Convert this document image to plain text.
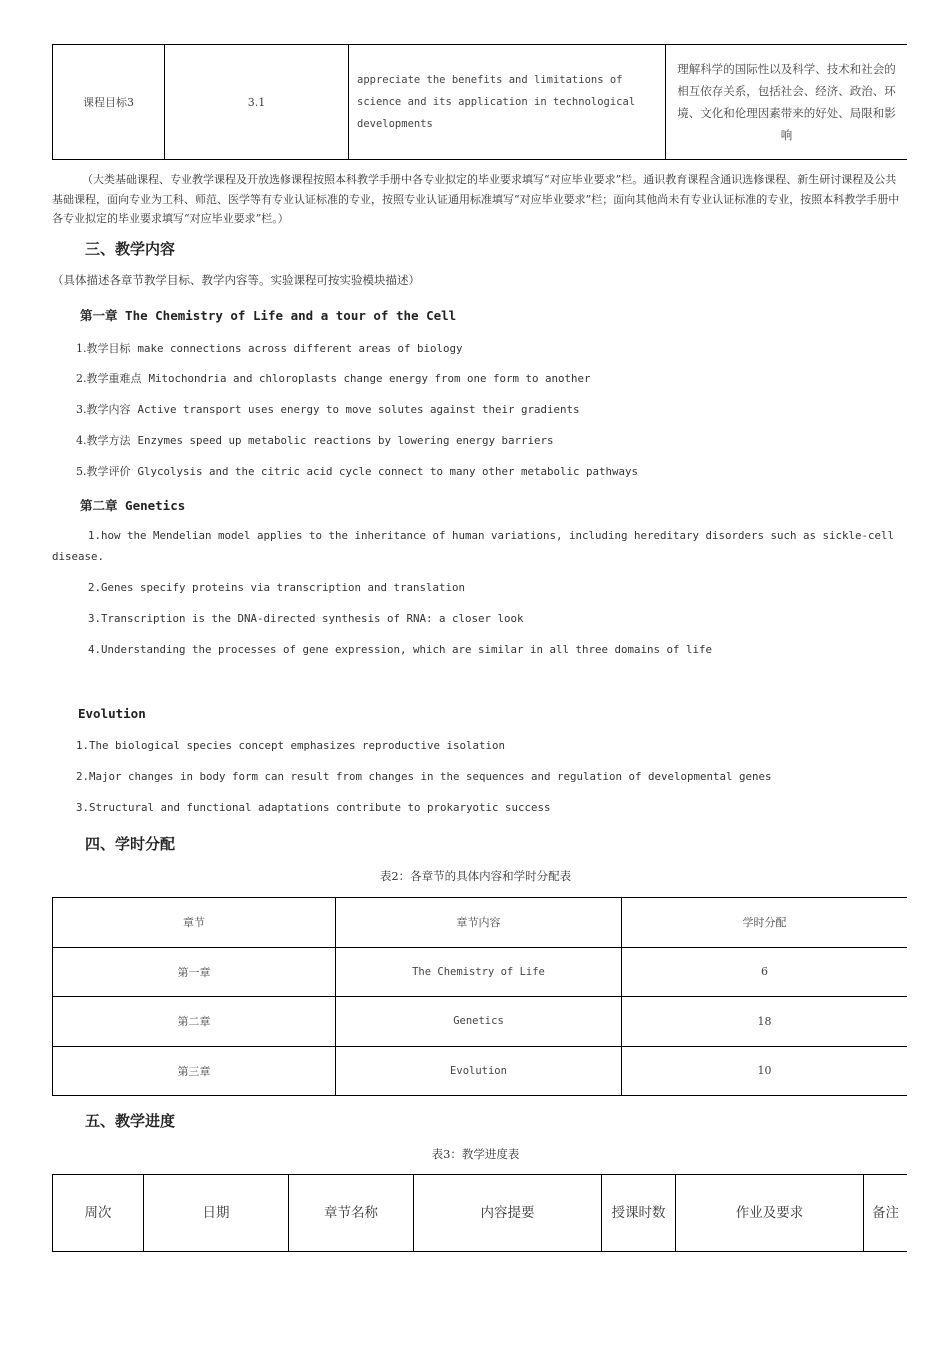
课程目标3	3.1	appreciate the benefits and limitations of science and its application in technological developments	理解科学的国际性以及科学、技术和社会的相互依存关系，包括社会、经济、政治、环境、文化和伦理因素带来的好处、局限和影响
（大类基础课程、专业教学课程及开放选修课程按照本科教学手册中各专业拟定的毕业要求填写“对应毕业要求”栏。通识教育课程含通识选修课程、新生研讨课程及公共基础课程，面向专业为工科、师范、医学等有专业认证标准的专业，按照专业认证通用标准填写“对应毕业要求”栏；面向其他尚未有专业认证标准的专业，按照本科教学手册中各专业拟定的毕业要求填写“对应毕业要求”栏。）
三、教学内容
（具体描述各章节教学目标、教学内容等。实验课程可按实验模块描述）
第一章 The Chemistry of Life and a tour of the Cell
1.教学目标 make connections across different areas of biology
2.教学重难点 Mitochondria and chloroplasts change energy from one form to another
3.教学内容 Active transport uses energy to move solutes against their gradients
4.教学方法 Enzymes speed up metabolic reactions by lowering energy barriers
5.教学评价 Glycolysis and the citric acid cycle connect to many other metabolic pathways
第二章 Genetics
1.how the Mendelian model applies to the inheritance of human variations, including hereditary disorders such as sickle-cell
disease.
2.Genes specify proteins via transcription and translation
3.Transcription is the DNA-directed synthesis of RNA: a closer look
4.Understanding the processes of gene expression, which are similar in all three domains of life
Evolution
1.The biological species concept emphasizes reproductive isolation
2.Major changes in body form can result from changes in the sequences and regulation of developmental genes
3.Structural and functional adaptations contribute to prokaryotic success
四、学时分配
表2：各章节的具体内容和学时分配表
章节	章节内容	学时分配
第一章	The Chemistry of Life	6
第二章	Genetics	18
第三章	Evolution	10
五、教学进度
表3：教学进度表
周次	日期	章节名称	内容提要	授课时数	作业及要求	备注
